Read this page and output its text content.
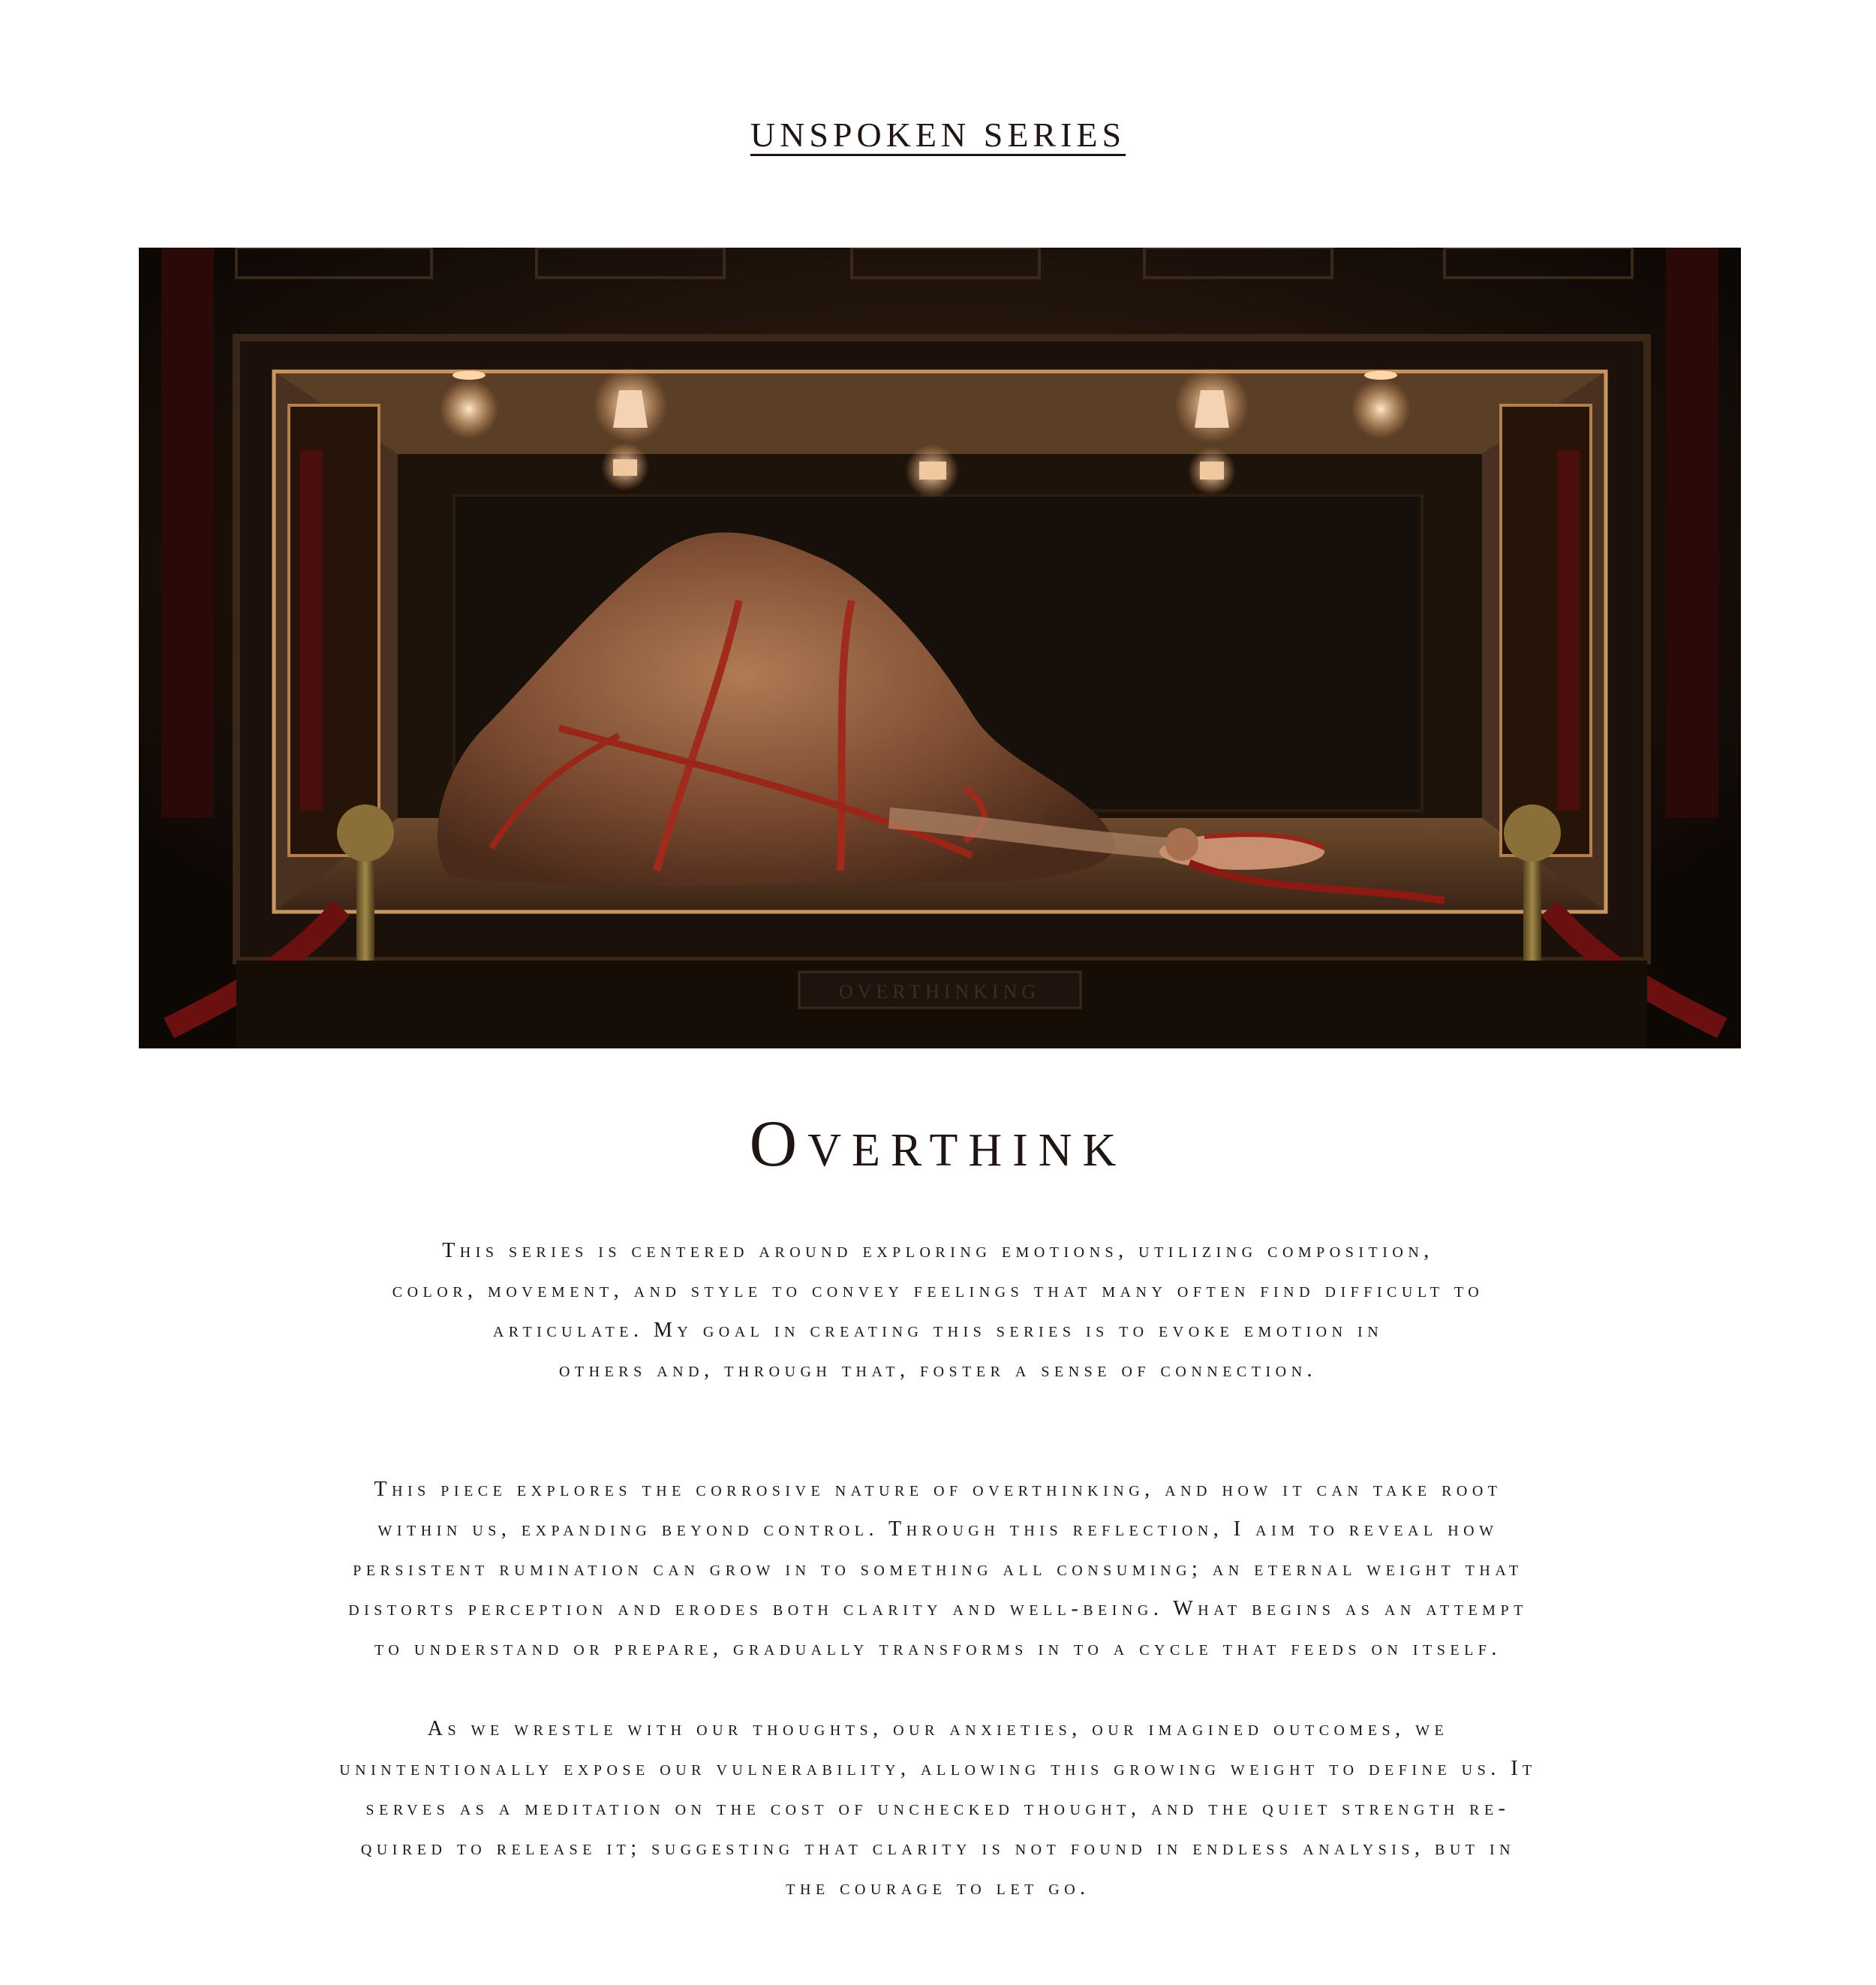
UNSPOKEN SERIES
OVERTHINKING
Overthink
This series is centered around exploring emotions, utilizing composition,
color, movement, and style to convey feelings that many often find difficult to
articulate. My goal in creating this series is to evoke emotion in
others and, through that, foster a sense of connection.
This piece explores the corrosive nature of overthinking, and how it can take root
within us, expanding beyond control. Through this reflection, I aim to reveal how
persistent rumination can grow in to something all consuming; an eternal weight that
distorts perception and erodes both clarity and well-being. What begins as an attempt
to understand or prepare, gradually transforms in to a cycle that feeds on itself.
As we wrestle with our thoughts, our anxieties, our imagined outcomes, we
unintentionally expose our vulnerability, allowing this growing weight to define us. It
serves as a meditation on the cost of unchecked thought, and the quiet strength re-
quired to release it; suggesting that clarity is not found in endless analysis, but in
the courage to let go.
